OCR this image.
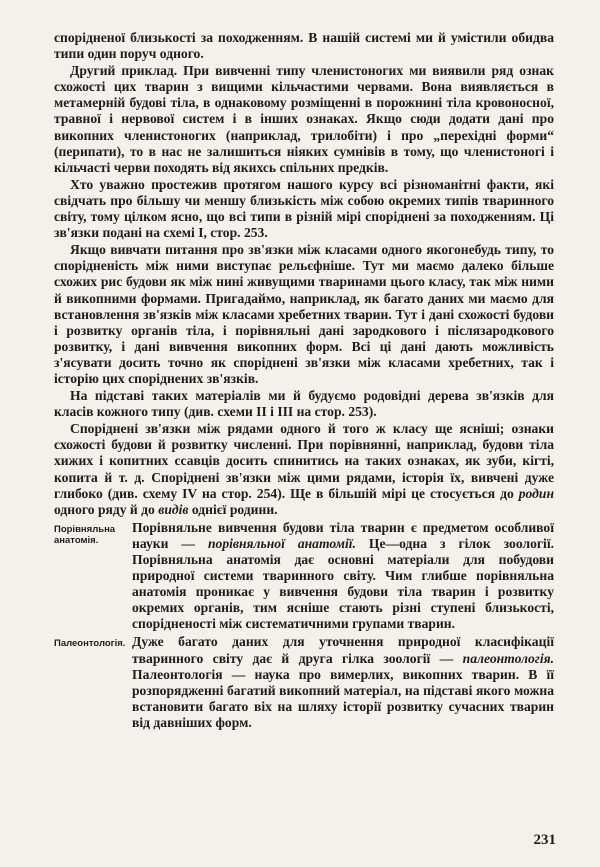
спорідненої близькості за походженням. В нашій системі ми й умістили обидва типи один поруч одного.

Другий приклад. При вивченні типу членистоногих ми виявили ряд ознак схожості цих тварин з вищими кільчастими червами. Вона виявляється в метамерній будові тіла, в однаковому розміщенні в порожнині тіла кровоносної, травної і нервової систем і в інших ознаках. Якщо сюди додати дані про викопних членистоногих (наприклад, трилобіти) і про „перехідні форми“ (перипати), то в нас не залишиться ніяких сумнівів в тому, що членистоногі і кільчасті черви походять від якихсь спільних предків.

Хто уважно простежив протягом нашого курсу всі різноманітні факти, які свідчать про більшу чи меншу близькість між собою окремих типів тваринного світу, тому цілком ясно, що всі типи в різній мірі споріднені за походженням. Ці зв'язки подані на схемі I, стор. 253.

Якщо вивчати питання про зв'язки між класами одного якогонебудь типу, то спорідненість між ними виступає рельєфніше. Тут ми маємо далеко більше схожих рис будови як між нині живущими тваринами цього класу, так між ними й викопними формами. Пригадаймо, наприклад, як багато даних ми маємо для встановлення зв'язків між класами хребетних тварин. Тут і дані схожості будови і розвитку органів тіла, і порівняльні дані зародкового і післязародкового розвитку, і дані вивчення викопних форм. Всі ці дані дають можливість з'ясувати досить точно як споріднені зв'язки між класами хребетних, так і історію цих споріднених зв'язків.

На підставі таких матеріалів ми й будуємо родовідні дерева зв'язків для класів кожного типу (див. схеми II і III на стор. 253).

Споріднені зв'язки між рядами одного й того ж класу ще ясніші; ознаки схожості будови й розвитку численні. При порівнянні, наприклад, будови тіла хижих і копитних ссавців досить спинитись на таких ознаках, як зуби, кігті, копита й т. д. Споріднені зв'язки між цими рядами, історія їх, вивчені дуже глибоко (див. схему IV на стор. 254). Ще в більшій мірі це стосується до родин одного ряду й до видів однієї родини.

Порівняльна анатомія.

Порівняльне вивчення будови тіла тварин є предметом особливої науки — порівняльної анатомії. Це—одна з гілок зоології. Порівняльна анатомія дає основні матеріали для побудови природної системи тваринного світу. Чим глибше порівняльна анатомія проникає у вивчення будови тіла тварин і розвитку окремих органів, тим ясніше стають різні ступені близькості, спорідненості між систематичними групами тварин.

Палеонтологія. Дуже багато даних для уточнення природної класифікації тваринного світу дає й друга гілка зоології — палеонтологія. Палеонтологія — наука про вимерлих, викопних тварин. В її розпорядженні багатий викопний матеріал, на підставі якого можна встановити багато віх на шляху історії розвитку сучасних тварин від давніших форм.

231
